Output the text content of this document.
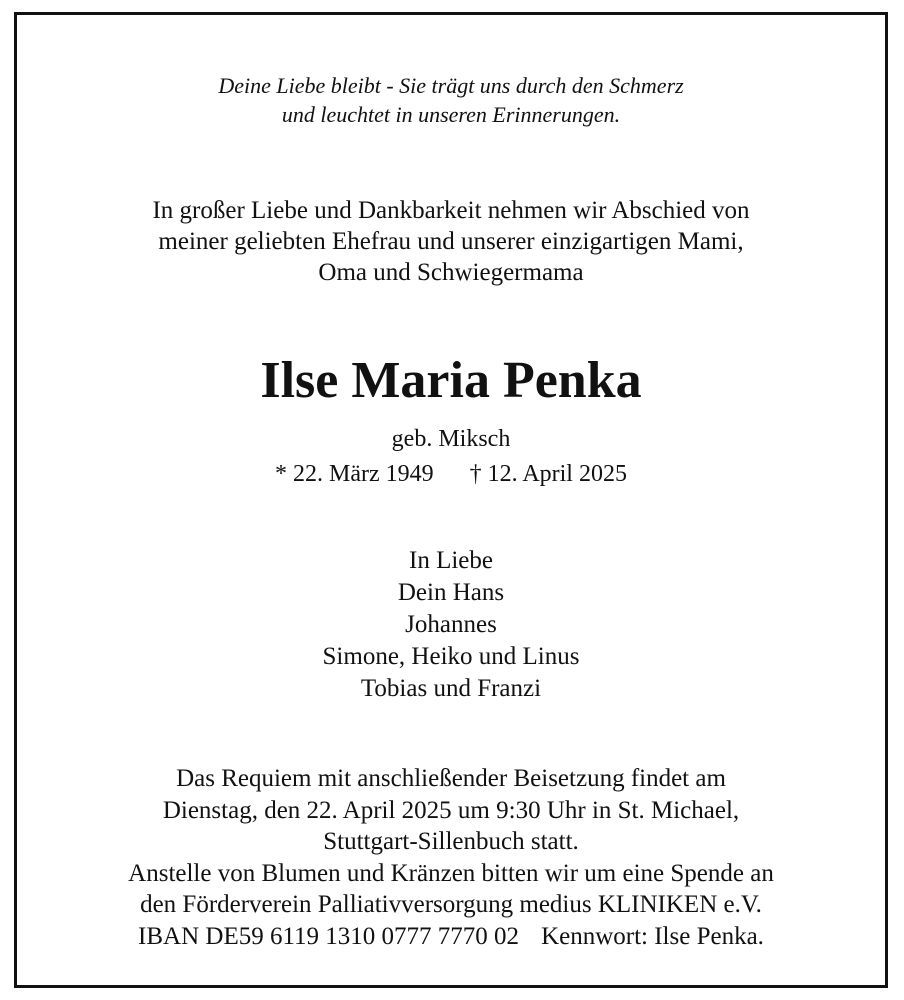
Deine Liebe bleibt - Sie trägt uns durch den Schmerz
und leuchtet in unseren Erinnerungen.
In großer Liebe und Dankbarkeit nehmen wir Abschied von
meiner geliebten Ehefrau und unserer einzigartigen Mami,
Oma und Schwiegermama
Ilse Maria Penka
geb. Miksch
* 22. März 1949 † 12. April 2025
In Liebe
Dein Hans
Johannes
Simone, Heiko und Linus
Tobias und Franzi
Das Requiem mit anschließender Beisetzung findet am
Dienstag, den 22. April 2025 um 9:30 Uhr in St. Michael,
Stuttgart-Sillenbuch statt.
Anstelle von Blumen und Kränzen bitten wir um eine Spende an
den Förderverein Palliativversorgung medius KLINIKEN e.V.
IBAN DE59 6119 1310 0777 7770 02 Kennwort: Ilse Penka.
